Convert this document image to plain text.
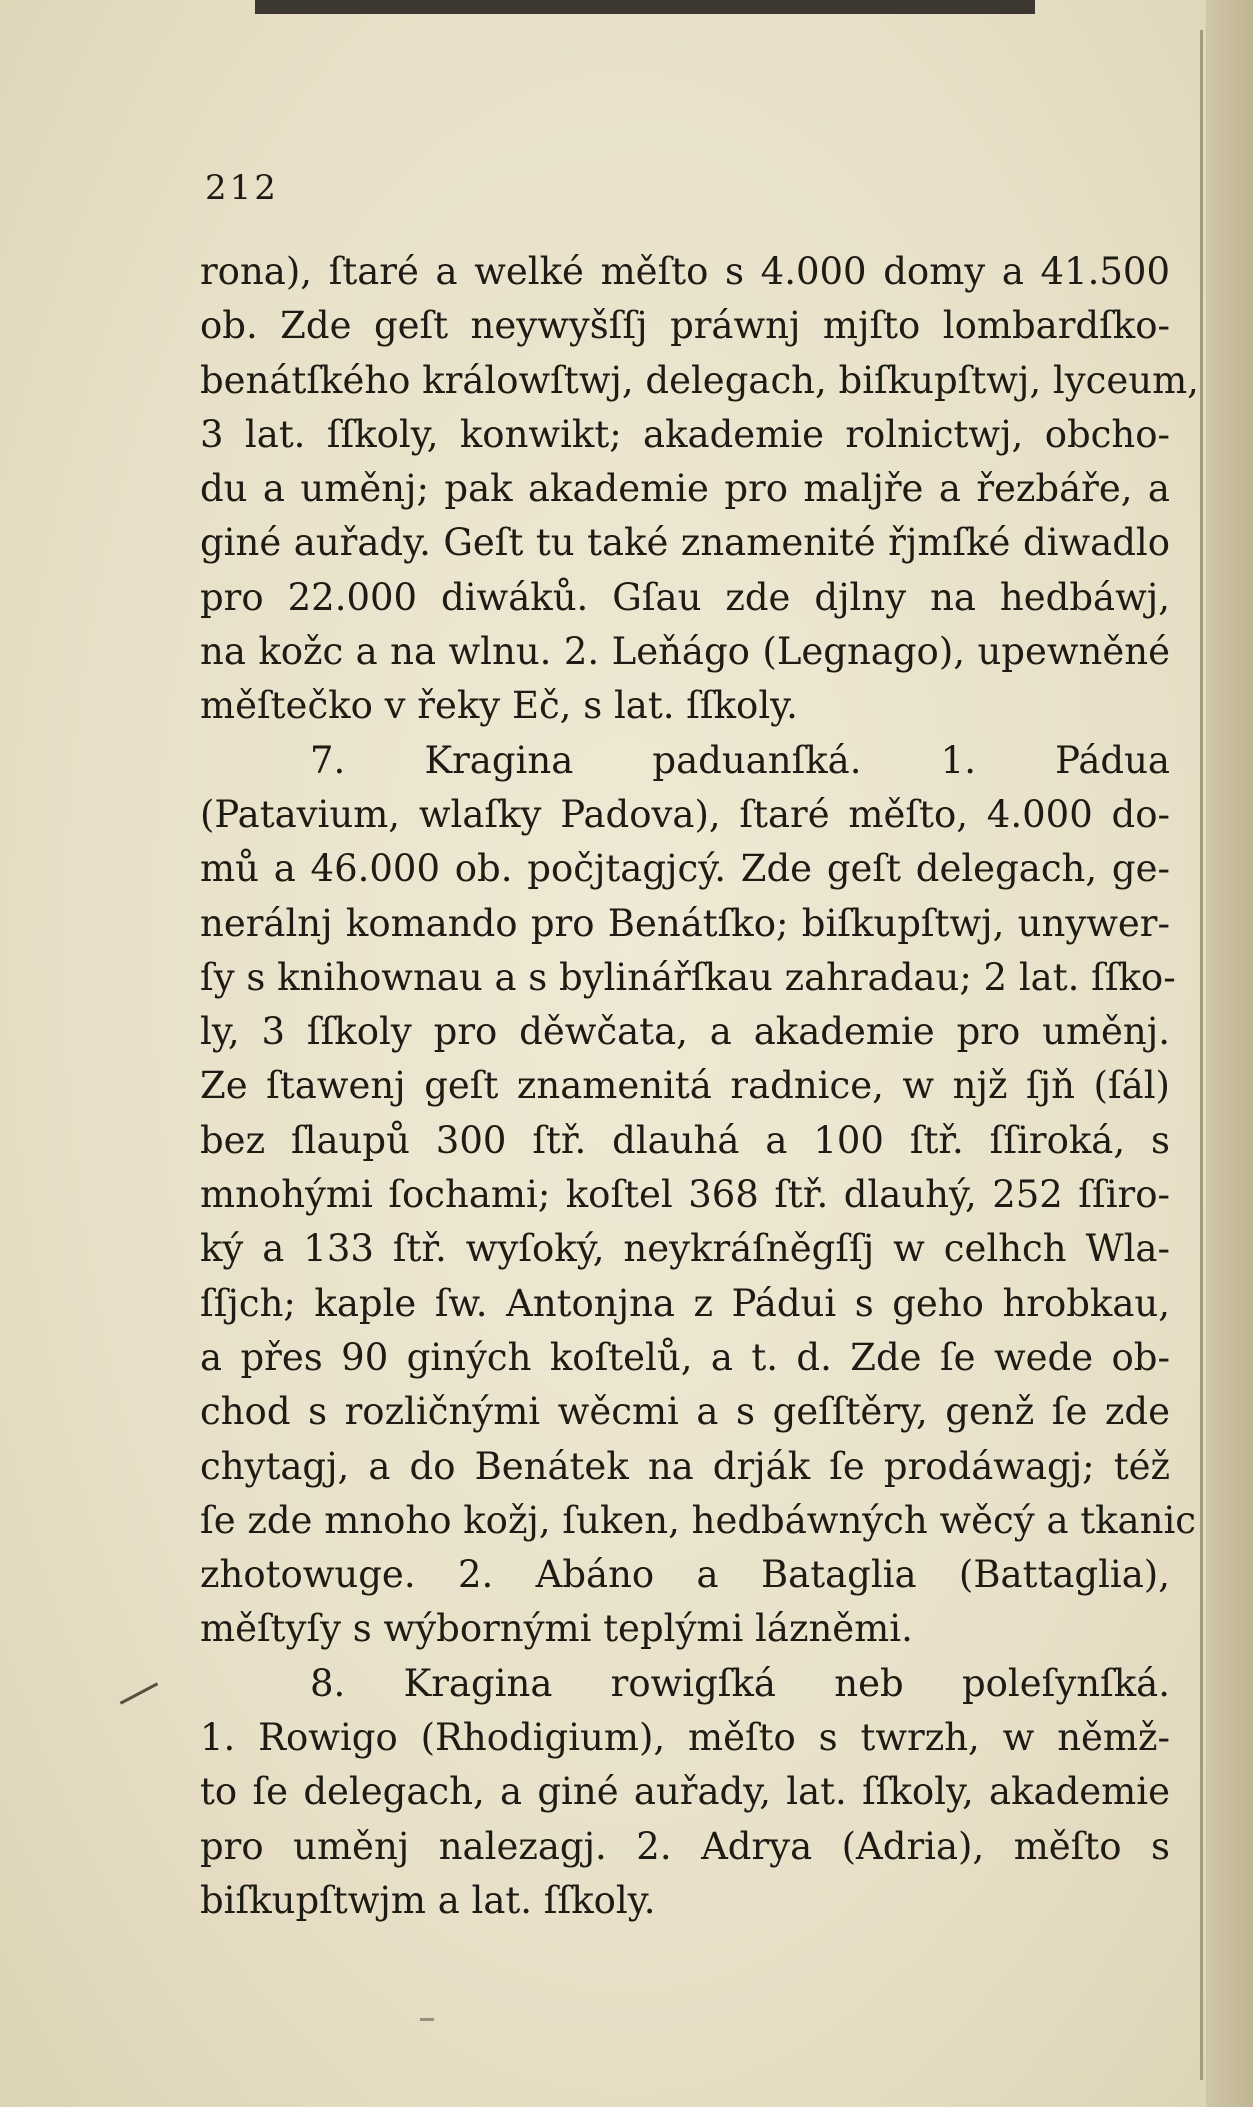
212
rona), ſtaré a welké měſto s 4.000 domy a 41.500
ob. Zde geſt neywyšſſj práwnj mjſto lombardſko-
benátſkého králowſtwj, delegach, biſkupſtwj, lyceum,
3 lat. ſſkoly, konwikt; akademie rolnictwj, obcho-
du a uměnj; pak akademie pro maljře a řezbáře, a
giné auřady. Geſt tu také znamenité řjmſké diwadlo
pro 22.000 diwáků. Gſau zde djlny na hedbáwj,
na kožc a na wlnu. 2. Leňágo (Legnago), upewněné
měſtečko v řeky Eč, s lat. ſſkoly.
7. Kragina paduanſká. 1. Pádua
(Patavium, wlaſky Padova), ſtaré měſto, 4.000 do-
mů a 46.000 ob. počjtagjcý. Zde geſt delegach, ge-
nerálnj komando pro Benátſko; biſkupſtwj, unywer-
ſy s knihownau a s bylinářſkau zahradau; 2 lat. ſſko-
ly, 3 ſſkoly pro děwčata, a akademie pro uměnj.
Ze ſtawenj geſt znamenitá radnice, w njž ſjň (ſál)
bez ſlaupů 300 ſtř. dlauhá a 100 ſtř. ſſiroká, s
mnohými ſochami; koſtel 368 ſtř. dlauhý, 252 ſſiro-
ký a 133 ſtř. wyſoký, neykráſněgſſj w celhch Wla-
ſſjch; kaple ſw. Antonjna z Pádui s geho hrobkau,
a přes 90 giných koſtelů, a t. d. Zde ſe wede ob-
chod s rozličnými wěcmi a s geſſtěry, genž ſe zde
chytagj, a do Benátek na drják ſe prodáwagj; též
ſe zde mnoho kožj, ſuken, hedbáwných wěcý a tkanic
zhotowuge. 2. Abáno a Bataglia (Battaglia),
měſtyſy s wýbornými teplými lázněmi.
8. Kragina rowigſká neb poleſynſká.
1. Rowigo (Rhodigium), měſto s twrzh, w němž-
to ſe delegach, a giné auřady, lat. ſſkoly, akademie
pro uměnj nalezagj. 2. Adrya (Adria), měſto s
biſkupſtwjm a lat. ſſkoly.
